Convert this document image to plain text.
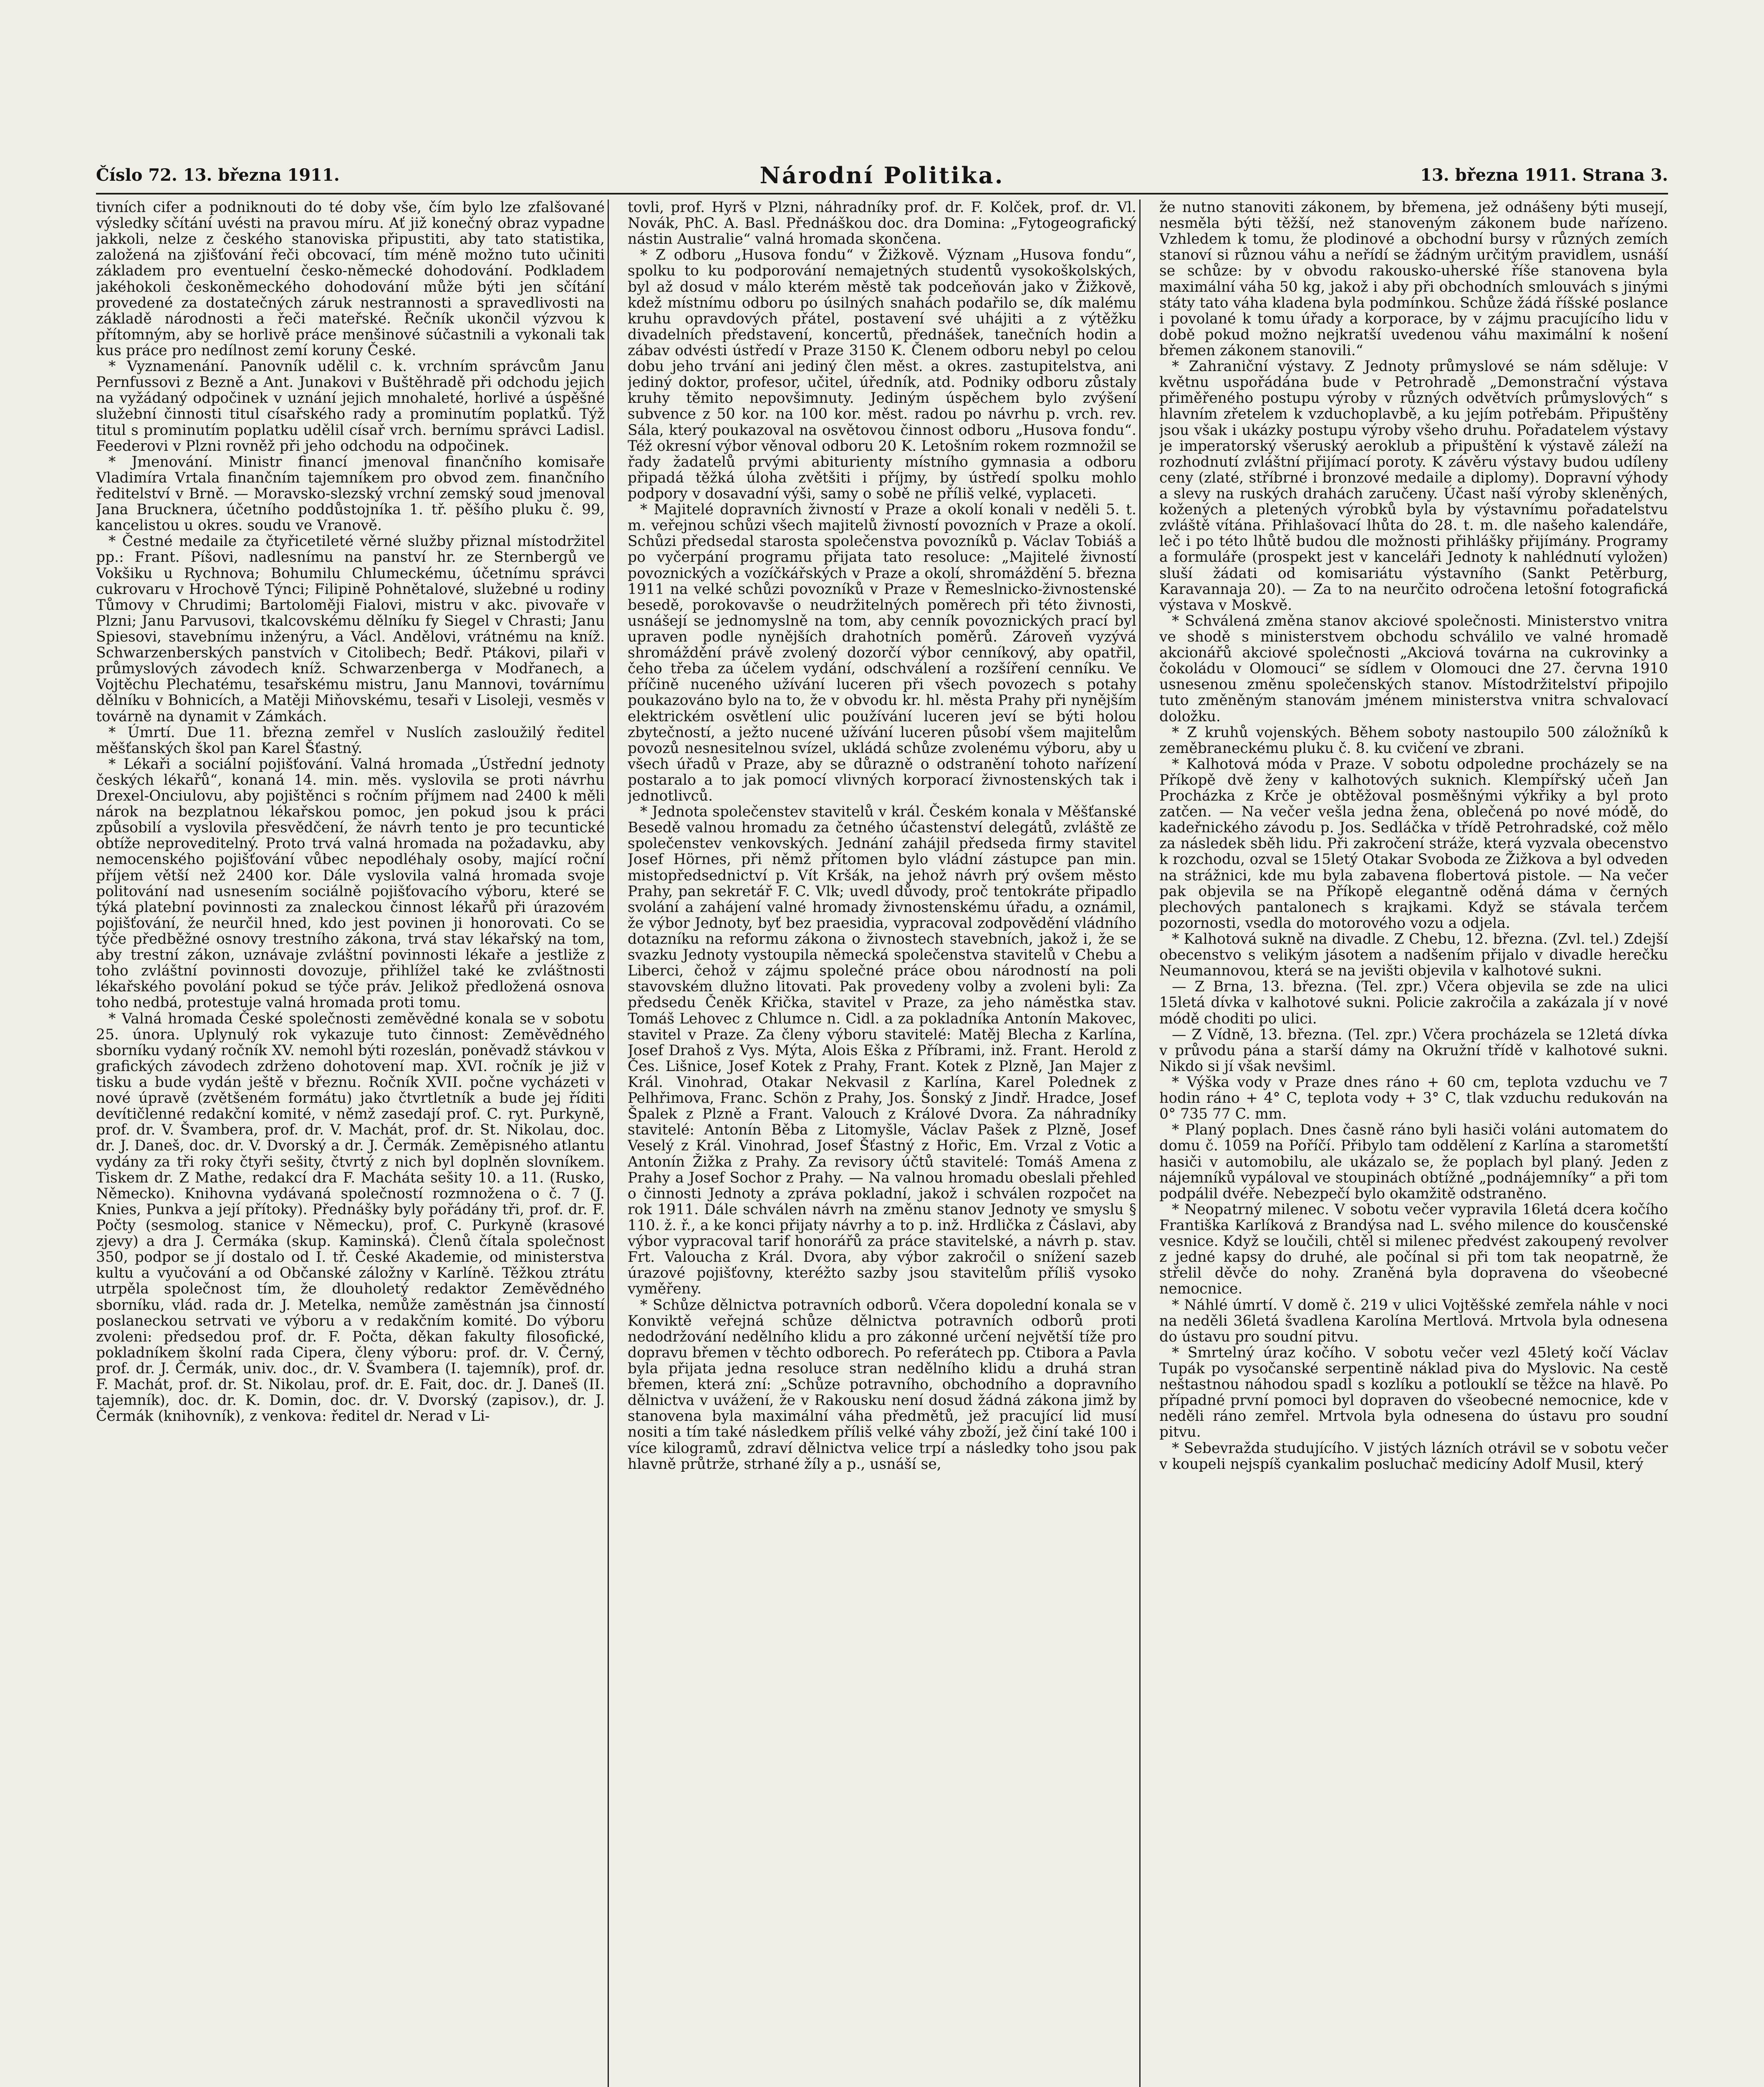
Číslo 72. 13. března 1911.	Národní Politika.	13. března 1911. Strana 3.

tivních cifer a podniknouti do té doby vše, čím bylo lze zfalšované výsledky sčítání uvésti na pravou míru. Ať již konečný obraz vypadne jakkoli, nelze z českého stanoviska připustiti, aby tato statistika, založená na zjišťování řeči obcovací, tím méně možno tuto učiniti základem pro eventuelní česko-německé dohodování. Podkladem jakéhokoli českoněmeckého dohodování může býti jen sčítání provedené za dostatečných záruk nestrannosti a spravedlivosti na základě národnosti a řeči mateřské. Řečník ukončil výzvou k přítomným, aby se horlivě práce menšinové súčastnili a vykonali tak kus práce pro nedílnost zemí koruny České.

* Vyznamenání. Panovník udělil c. k. vrchním správcům Janu Pernfussovi z Bezně a Ant. Junakovi v Buštěhradě při odchodu jejich na vyžádaný odpočinek v uznání jejich mnohaleté, horlivé a úspěšné služební činnosti titul císařského rady a prominutím poplatků. Týž titul s prominutím poplatku udělil císař vrch. bernímu správci Ladisl. Feederovi v Plzni rovněž při jeho odchodu na odpočinek.

* Jmenování. Ministr financí jmenoval finančního komisaře Vladimíra Vrtala finančním tajemníkem pro obvod zem. finančního ředitelství v Brně. — Moravsko-slezský vrchní zemský soud jmenoval Jana Brucknera, účetního poddůstojníka 1. tř. pěšího pluku č. 99, kancelistou u okres. soudu ve Vranově.

* Čestné medaile za čtyřicetileté věrné služby přiznal místodržitel pp.: Frant. Píšovi, nadlesnímu na panství hr. ze Sternbergů ve Vokšiku u Rychnova; Bohumilu Chlumeckému, účetnímu správci cukrovaru v Hrochově Týnci; Filipině Pohnětalové, služebné u rodiny Tůmovy v Chrudimi; Bartoloměji Fialovi, mistru v akc. pivovaře v Plzni; Janu Parvusovi, tkalcovskému dělníku fy Siegel v Chrasti; Janu Spiesovi, stavebnímu inženýru, a Václ. Andělovi, vrátnému na kníž. Schwarzenberských panstvích v Citolibech; Bedř. Ptákovi, pilaři v průmyslových závodech kníž. Schwarzenberga v Modřanech, a Vojtěchu Plechatému, tesařskému mistru, Janu Mannovi, továrnímu dělníku v Bohnicích, a Matěji Miňovskému, tesaři v Lisoleji, vesměs v továrně na dynamit v Zámkách.

* Úmrtí. Due 11. března zemřel v Nuslích zasloužilý ředitel měšťanských škol pan Karel Šťastný.

* Lékaři a sociální pojišťování. Valná hromada „Ústřední jednoty českých lékařů“, konaná 14. min. měs. vyslovila se proti návrhu Drexel-Onciulovu, aby pojištěnci s ročním příjmem nad 2400 k měli nárok na bezplatnou lékařskou pomoc, jen pokud jsou k práci způsobilí a vyslovila přesvědčení, že návrh tento je pro tecuntické obtíže neproveditelný. Proto trvá valná hromada na požadavku, aby nemocenského pojišťování vůbec nepodléhaly osoby, mající roční příjem větší než 2400 kor. Dále vyslovila valná hromada svoje politování nad usnesením sociálně pojišťovacího výboru, které se týká platební povinnosti za znaleckou činnost lékařů při úrazovém pojišťování, že neurčil hned, kdo jest povinen ji honorovati. Co se týče předběžné osnovy trestního zákona, trvá stav lékařský na tom, aby trestní zákon, uznávaje zvláštní povinnosti lékaře a jestliže z toho zvláštní povinnosti dovozuje, přihlížel také ke zvláštnosti lékařského povolání pokud se týče práv. Jelikož předložená osnova toho nedbá, protestuje valná hromada proti tomu.

* Valná hromada České společnosti zeměvědné konala se v sobotu 25. února. Uplynulý rok vykazuje tuto činnost: Zeměvědného sborníku vydaný ročník XV. nemohl býti rozeslán, poněvadž stávkou v grafických závodech zdrženo dohotovení map. XVI. ročník je již v tisku a bude vydán ještě v březnu. Ročník XVII. počne vycházeti v nové úpravě (zvětšeném formátu) jako čtvrtletník a bude jej říditi devítičlenné redakční komité, v němž zasedají prof. C. ryt. Purkyně, prof. dr. V. Švambera, prof. dr. V. Machát, prof. dr. St. Nikolau, doc. dr. J. Daneš, doc. dr. V. Dvorský a dr. J. Čermák. Zeměpisného atlantu vydány za tři roky čtyři sešity, čtvrtý z nich byl doplněn slovníkem. Tiskem dr. Z Mathe, redakcí dra F. Macháta sešity 10. a 11. (Rusko, Německo). Knihovna vydávaná společností rozmnožena o č. 7 (J. Knies, Punkva a její přítoky). Přednášky byly pořádány tři, prof. dr. F. Počty (sesmolog. stanice v Německu), prof. C. Purkyně (krasové zjevy) a dra J. Čermáka (skup. Kaminská). Členů čítala společnost 350, podpor se jí dostalo od I. tř. České Akademie, od ministerstva kultu a vyučování a od Občanské záložny v Karlíně. Těžkou ztrátu utrpěla společnost tím, že dlouholetý redaktor Zeměvědného sborníku, vlád. rada dr. J. Metelka, nemůže zaměstnán jsa činností poslaneckou setrvati ve výboru a v redakčním komité. Do výboru zvoleni: předsedou prof. dr. F. Počta, děkan fakulty filosofické, pokladníkem školní rada Cipera, členy výboru: prof. dr. V. Černý, prof. dr. J. Čermák, univ. doc., dr. V. Švambera (I. tajemník), prof. dr. F. Machát, prof. dr. St. Nikolau, prof. dr. E. Fait, doc. dr. J. Daneš (II. tajemník), doc. dr. K. Domin, doc. dr. V. Dvorský (zapisov.), dr. J. Čermák (knihovník), z venkova: ředitel dr. Nerad v Li-

tovli, prof. Hyrš v Plzni, náhradníky prof. dr. F. Kolček, prof. dr. Vl. Novák, PhC. A. Basl. Přednáškou doc. dra Domina: „Fytogeografický nástin Australie“ valná hromada skončena.

* Z odboru „Husova fondu“ v Žižkově. Význam „Husova fondu“, spolku to ku podporování nemajetných studentů vysokoškolských, byl až dosud v málo kterém městě tak podceňován jako v Žižkově, kdež místnímu odboru po úsilných snahách podařilo se, dík malému kruhu opravdových přátel, postavení své uhájiti a z výtěžku divadelních představení, koncertů, přednášek, tanečních hodin a zábav odvésti ústředí v Praze 3150 K. Členem odboru nebyl po celou dobu jeho trvání ani jediný člen měst. a okres. zastupitelstva, ani jediný doktor, profesor, učitel, úředník, atd. Podniky odboru zůstaly kruhy těmito nepovšimnuty. Jediným úspěchem bylo zvýšení subvence z 50 kor. na 100 kor. měst. radou po návrhu p. vrch. rev. Sála, který poukazoval na osvětovou činnost odboru „Husova fondu“. Též okresní výbor věnoval odboru 20 K. Letošním rokem rozmnožil se řady žadatelů prvými abiturienty místního gymnasia a odboru připadá těžká úloha zvětšiti i příjmy, by ústředí spolku mohlo podpory v dosavadní výši, samy o sobě ne příliš velké, vyplaceti.

* Majitelé dopravních živností v Praze a okolí konali v neděli 5. t. m. veřejnou schůzi všech majitelů živností povozních v Praze a okolí. Schůzi předsedal starosta společenstva povozníků p. Václav Tobiáš a po vyčerpání programu přijata tato resoluce: „Majitelé živností povoznických a vozíčkářských v Praze a okolí, shromáždění 5. března 1911 na velké schůzi povozníků v Praze v Řemeslnicko-živnostenské besedě, porokovavše o neudržitelných poměrech při této živnosti, usnášejí se jednomyslně na tom, aby cenník povoznických prací byl upraven podle nynějších drahotních poměrů. Zároveň vyzývá shromáždění právě zvolený dozorčí výbor cenníkový, aby opatřil, čeho třeba za účelem vydání, odschválení a rozšíření cenníku. Ve příčině nuceného užívání luceren při všech povozech s potahy poukazováno bylo na to, že v obvodu kr. hl. města Prahy při nynějším elektrickém osvětlení ulic používání luceren jeví se býti holou zbytečností, a ježto nucené užívání luceren působí všem majitelům povozů nesnesitelnou svízel, ukládá schůze zvolenému výboru, aby u všech úřadů v Praze, aby se důrazně o odstranění tohoto nařízení postaralo a to jak pomocí vlivných korporací živnostenských tak i jednotlivců.

* Jednota společenstev stavitelů v král. Českém konala v Měšťanské Besedě valnou hromadu za četného účastenství delegátů, zvláště ze společenstev venkovských. Jednání zahájil předseda firmy stavitel Josef Hörnes, při němž přítomen bylo vládní zástupce pan min. mistopředsednictví p. Vít Kršák, na jehož návrh prý ovšem město Prahy, pan sekretář F. C. Vlk; uvedl důvody, proč tentokráte připadlo svolání a zahájení valné hromady živnostenskému úřadu, a oznámil, že výbor Jednoty, byť bez praesidia, vypracoval zodpovědění vládního dotazníku na reformu zákona o živnostech stavebních, jakož i, že se svazku Jednoty vystoupila německá společenstva stavitelů v Chebu a Liberci, čehož v zájmu společné práce obou národností na poli stavovském dlužno litovati. Pak provedeny volby a zvoleni byli: Za předsedu Čeněk Křička, stavitel v Praze, za jeho náměstka stav. Tomáš Lehovec z Chlumce n. Cidl. a za pokladníka Antonín Makovec, stavitel v Praze. Za členy výboru stavitelé: Matěj Blecha z Karlína, Josef Drahoš z Vys. Mýta, Alois Eška z Příbrami, inž. Frant. Herold z Čes. Lišnice, Josef Kotek z Prahy, Frant. Kotek z Plzně, Jan Majer z Král. Vinohrad, Otakar Nekvasil z Karlína, Karel Polednek z Pelhřimova, Franc. Schön z Prahy, Jos. Šonský z Jindř. Hradce, Josef Špalek z Plzně a Frant. Valouch z Králové Dvora. Za náhradníky stavitelé: Antonín Běba z Litomyšle, Václav Pašek z Plzně, Josef Veselý z Král. Vinohrad, Josef Šťastný z Hořic, Em. Vrzal z Votic a Antonín Žižka z Prahy. Za revisory účtů stavitelé: Tomáš Amena z Prahy a Josef Sochor z Prahy. — Na valnou hromadu obeslali přehled o činnosti Jednoty a zpráva pokladní, jakož i schválen rozpočet na rok 1911. Dále schválen návrh na změnu stanov Jednoty ve smyslu § 110. ž. ř., a ke konci přijaty návrhy a to p. inž. Hrdlička z Čáslavi, aby výbor vypracoval tarif honorářů za práce stavitelské, a návrh p. stav. Frt. Valoucha z Král. Dvora, aby výbor zakročil o snížení sazeb úrazové pojišťovny, kteréžto sazby jsou stavitelům příliš vysoko vyměřeny.

* Schůze dělnictva potravních odborů. Včera dopolední konala se v Konviktě veřejná schůze dělnictva potravních odborů proti nedodržování nedělního klidu a pro zákonné určení největší tíže pro dopravu břemen v těchto odborech. Po referátech pp. Ctibora a Pavla byla přijata jedna resoluce stran nedělního klidu a druhá stran břemen, která zní: „Schůze potravního, obchodního a dopravního dělnictva v uvážení, že v Rakousku není dosud žádná zákona jimž by stanovena byla maximální váha předmětů, jež pracující lid musí nositi a tím také následkem příliš velké váhy zboží, jež činí také 100 i více kilogramů, zdraví dělnictva velice trpí a následky toho jsou pak hlavně průtrže, strhané žíly a p., usnáší se,

že nutno stanoviti zákonem, by břemena, jež odnášeny býti musejí, nesměla býti těžší, než stanoveným zákonem bude nařízeno. Vzhledem k tomu, že plodinové a obchodní bursy v různých zemích stanoví si různou váhu a neřídí se žádným určitým pravidlem, usnáší se schůze: by v obvodu rakousko-uherské říše stanovena byla maximální váha 50 kg, jakož i aby při obchodních smlouvách s jinými státy tato váha kladena byla podmínkou. Schůze žádá říšské poslance i povolané k tomu úřady a korporace, by v zájmu pracujícího lidu v době pokud možno nejkratší uvedenou váhu maximální k nošení břemen zákonem stanovili.“

* Zahraniční výstavy. Z Jednoty průmyslové se nám sděluje: V květnu uspořádána bude v Petrohradě „Demonstrační výstava přiměřeného postupu výroby v různých odvětvích průmyslových“ s hlavním zřetelem k vzduchoplavbě, a ku jejím potřebám. Připuštěny jsou však i ukázky postupu výroby všeho druhu. Pořadatelem výstavy je imperatorský všeruský aeroklub a připuštění k výstavě záleží na rozhodnutí zvláštní přijímací poroty. K závěru výstavy budou udíleny ceny (zlaté, stříbrné i bronzové medaile a diplomy). Dopravní výhody a slevy na ruských drahách zaručeny. Účast naší výroby skleněných, kožených a pletených výrobků byla by výstavnímu pořadatelstvu zvláště vítána. Přihlašovací lhůta do 28. t. m. dle našeho kalendáře, leč i po této lhůtě budou dle možnosti přihlášky přijímány. Programy a formuláře (prospekt jest v kanceláři Jednoty k nahlédnutí vyložen) sluší žádati od komisariátu výstavního (Sankt Petěrburg, Karavannaja 20). — Za to na neurčito odročena letošní fotografická výstava v Moskvě.

* Schválená změna stanov akciové společnosti. Ministerstvo vnitra ve shodě s ministerstvem obchodu schválilo ve valné hromadě akcionářů akciové společnosti „Akciová továrna na cukrovinky a čokoládu v Olomouci“ se sídlem v Olomouci dne 27. června 1910 usnesenou změnu společenských stanov. Místodržitelství připojilo tuto změněným stanovám jménem ministerstva vnitra schvalovací doložku.

* Z kruhů vojenských. Během soboty nastoupilo 500 záložníků k zeměbraneckému pluku č. 8. ku cvičení ve zbrani.

* Kalhotová móda v Praze. V sobotu odpoledne procházely se na Příkopě dvě ženy v kalhotových suknich. Klempířský učeň Jan Procházka z Krče je obtěžoval posměšnými výkřiky a byl proto zatčen. — Na večer vešla jedna žena, oblečená po nové módě, do kadeřnického závodu p. Jos. Sedláčka v třídě Petrohradské, což mělo za následek sběh lidu. Při zakročení stráže, která vyzvala obecenstvo k rozchodu, ozval se 15letý Otakar Svoboda ze Žižkova a byl odveden na strážnici, kde mu byla zabavena flobertová pistole. — Na večer pak objevila se na Příkopě elegantně oděná dáma v černých plechových pantalonech s krajkami. Když se stávala terčem pozornosti, vsedla do motorového vozu a odjela.

* Kalhotová sukně na divadle. Z Chebu, 12. března. (Zvl. tel.) Zdejší obecenstvo s velikým jásotem a nadšením přijalo v divadle herečku Neumannovou, která se na jevišti objevila v kalhotové sukni.

— Z Brna, 13. března. (Tel. zpr.) Včera objevila se zde na ulici 15letá dívka v kalhotové sukni. Policie zakročila a zakázala jí v nové módě choditi po ulici.

— Z Vídně, 13. března. (Tel. zpr.) Včera procházela se 12letá dívka v průvodu pána a starší dámy na Okružní třídě v kalhotové sukni. Nikdo si jí však nevšiml.

* Výška vody v Praze dnes ráno + 60 cm, teplota vzduchu ve 7 hodin ráno + 4° C, teplota vody + 3° C, tlak vzduchu redukován na 0° 735 77 C. mm.

* Planý poplach. Dnes časně ráno byli hasiči voláni automatem do domu č. 1059 na Poříčí. Přibylo tam oddělení z Karlína a starometští hasiči v automobilu, ale ukázalo se, že poplach byl planý. Jeden z nájemníků vypáloval ve stoupinách obtížné „podnájemníky“ a při tom podpálil dvéře. Nebezpečí bylo okamžitě odstraněno.

* Neopatrný milenec. V sobotu večer vypravila 16letá dcera kočího Františka Karlíková z Brandýsa nad L. svého milence do kousčenské vesnice. Když se loučili, chtěl si milenec předvést zakoupený revolver z jedné kapsy do druhé, ale počínal si při tom tak neopatrně, že střelil děvče do nohy. Zraněná byla dopravena do všeobecné nemocnice.

* Náhlé úmrtí. V domě č. 219 v ulici Vojtěšské zemřela náhle v noci na neděli 36letá švadlena Karolína Mertlová. Mrtvola byla odnesena do ústavu pro soudní pitvu.

* Smrtelný úraz kočího. V sobotu večer vezl 45letý kočí Václav Tupák po vysočanské serpentině náklad piva do Myslovic. Na cestě neštastnou náhodou spadl s kozlíku a potlouklí se těžce na hlavě. Po případné první pomoci byl dopraven do všeobecné nemocnice, kde v neděli ráno zemřel. Mrtvola byla odnesena do ústavu pro soudní pitvu.

* Sebevražda studujícího. V jistých lázních otrávil se v sobotu večer v koupeli nejspíš cyankalim posluchač medicíny Adolf Musil, který
